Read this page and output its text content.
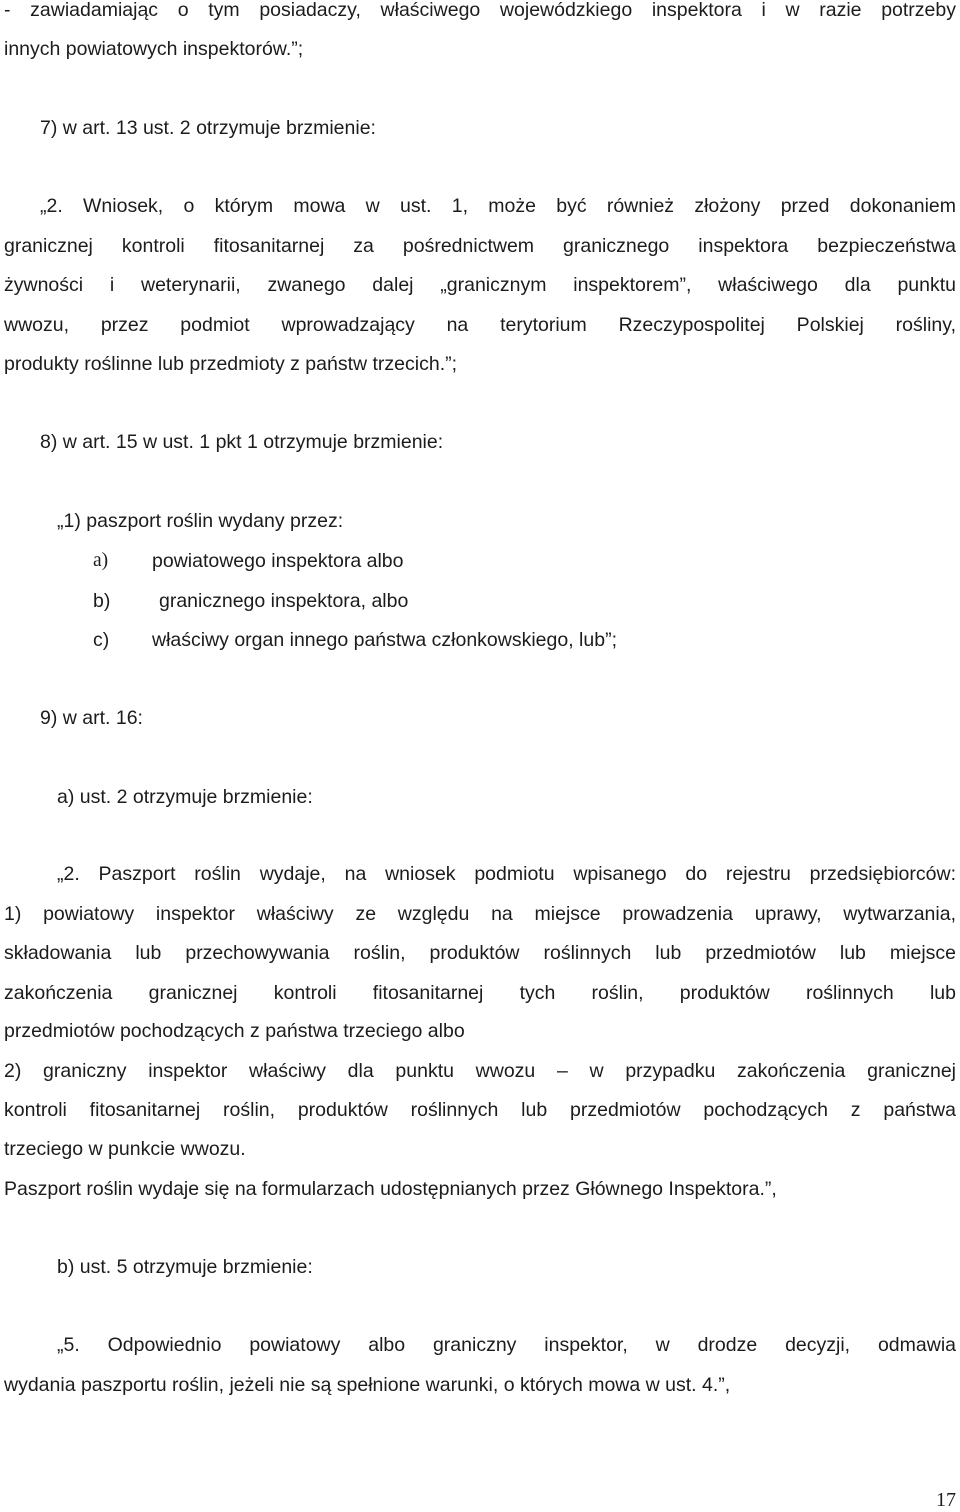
- zawiadamiając o tym posiadaczy, właściwego wojewódzkiego inspektora i w razie potrzeby
innych powiatowych inspektorów.”;
7) w art. 13 ust. 2 otrzymuje brzmienie:
„2. Wniosek, o którym mowa w ust. 1, może być również złożony przed dokonaniem
granicznej kontroli fitosanitarnej za pośrednictwem granicznego inspektora bezpieczeństwa
żywności i weterynarii, zwanego dalej „granicznym inspektorem”, właściwego dla punktu
wwozu, przez podmiot wprowadzający na terytorium Rzeczypospolitej Polskiej rośliny,
produkty roślinne lub przedmioty z państw trzecich.”;
8) w art. 15 w ust. 1 pkt 1 otrzymuje brzmienie:
„1) paszport roślin wydany przez:
a) powiatowego inspektora albo
b) granicznego inspektora, albo
c) właściwy organ innego państwa członkowskiego, lub”;
9) w art. 16:
a) ust. 2 otrzymuje brzmienie:
„2. Paszport roślin wydaje, na wniosek podmiotu wpisanego do rejestru przedsiębiorców:
1) powiatowy inspektor właściwy ze względu na miejsce prowadzenia uprawy, wytwarzania,
składowania lub przechowywania roślin, produktów roślinnych lub przedmiotów lub miejsce
zakończenia granicznej kontroli fitosanitarnej tych roślin, produktów roślinnych lub
przedmiotów pochodzących z państwa trzeciego albo
2) graniczny inspektor właściwy dla punktu wwozu – w przypadku zakończenia granicznej
kontroli fitosanitarnej roślin, produktów roślinnych lub przedmiotów pochodzących z państwa
trzeciego w punkcie wwozu.
Paszport roślin wydaje się na formularzach udostępnianych przez Głównego Inspektora.”,
b) ust. 5 otrzymuje brzmienie:
„5. Odpowiednio powiatowy albo graniczny inspektor, w drodze decyzji, odmawia
wydania paszportu roślin, jeżeli nie są spełnione warunki, o których mowa w ust. 4.”,
17
